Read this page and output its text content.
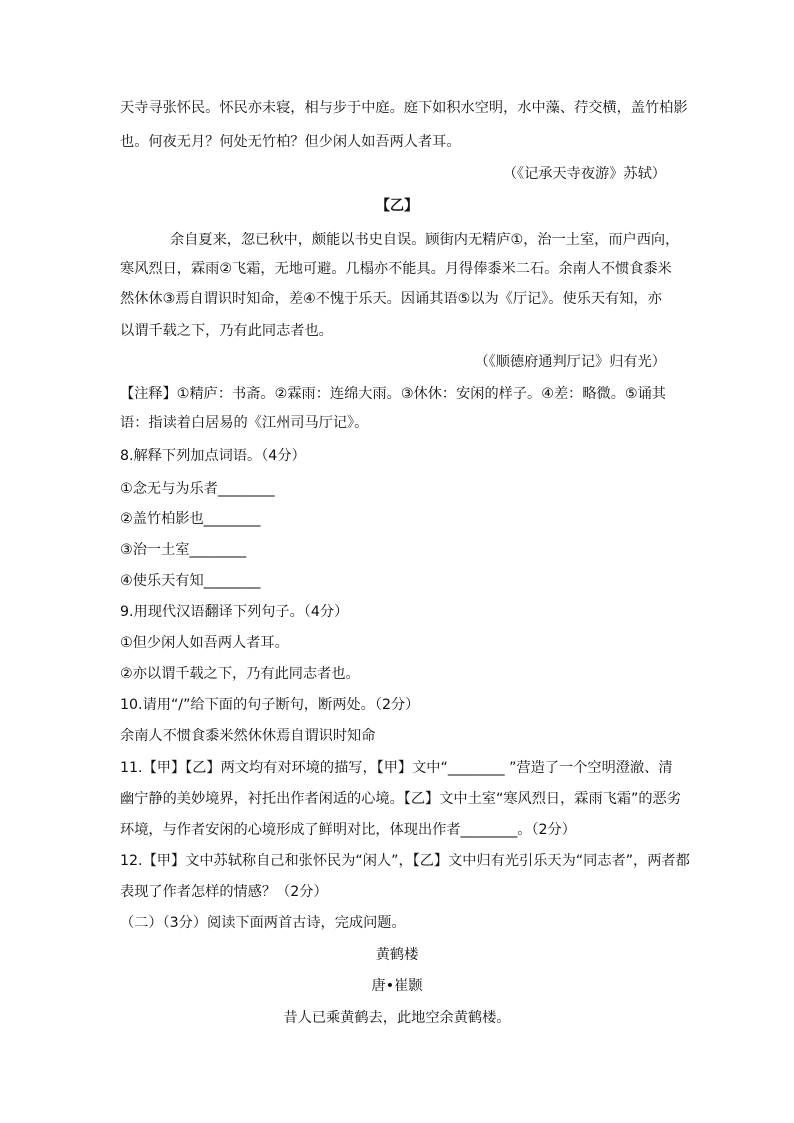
天寺寻张怀民。怀民亦未寝，相与步于中庭。庭下如积水空明，水中藻、荇交横，盖竹柏影
也。何夜无月？何处无竹柏？但少闲人如吾两人者耳。
（《记承天寺夜游》苏轼）
【乙】
余自夏来，忽已秋中，颇能以书史自误。顾街内无精庐①，治一土室，而户西向，
寒风烈日，霖雨②飞霜，无地可避。几榻亦不能具。月得俸黍米二石。余南人不惯食黍米
然休休③焉自谓识时知命，差④不愧于乐天。因诵其语⑤以为《厅记》。使乐天有知，亦
以谓千载之下，乃有此同志者也。
（《顺德府通判厅记》归有光）
【注释】①精庐：书斋。②霖雨：连绵大雨。③休休：安闲的样子。④差：略微。⑤诵其
语：指读着白居易的《江州司马厅记》。
8.解释下列加点词语。（4分）
①念无与为乐者________
②盖竹柏影也________
③治一土室________
④使乐天有知________
9.用现代汉语翻译下列句子。（4分）
①但少闲人如吾两人者耳。
②亦以谓千载之下，乃有此同志者也。
10.请用“/”给下面的句子断句，断两处。（2分）
余南人不惯食黍米然休休焉自谓识时知命
11.【甲】【乙】两文均有对环境的描写，【甲】文中“________ ”营造了一个空明澄澈、清
幽宁静的美妙境界，衬托出作者闲适的心境。【乙】文中土室“寒风烈日，霖雨飞霜”的恶劣
环境，与作者安闲的心境形成了鲜明对比，体现出作者________。（2分）
12.【甲】文中苏轼称自己和张怀民为“闲人”，【乙】文中归有光引乐天为“同志者”，两者都
表现了作者怎样的情感？（2分）
（二）（3分）阅读下面两首古诗，完成问题。
黄鹤楼
唐•崔颢
昔人已乘黄鹤去，此地空余黄鹤楼。
